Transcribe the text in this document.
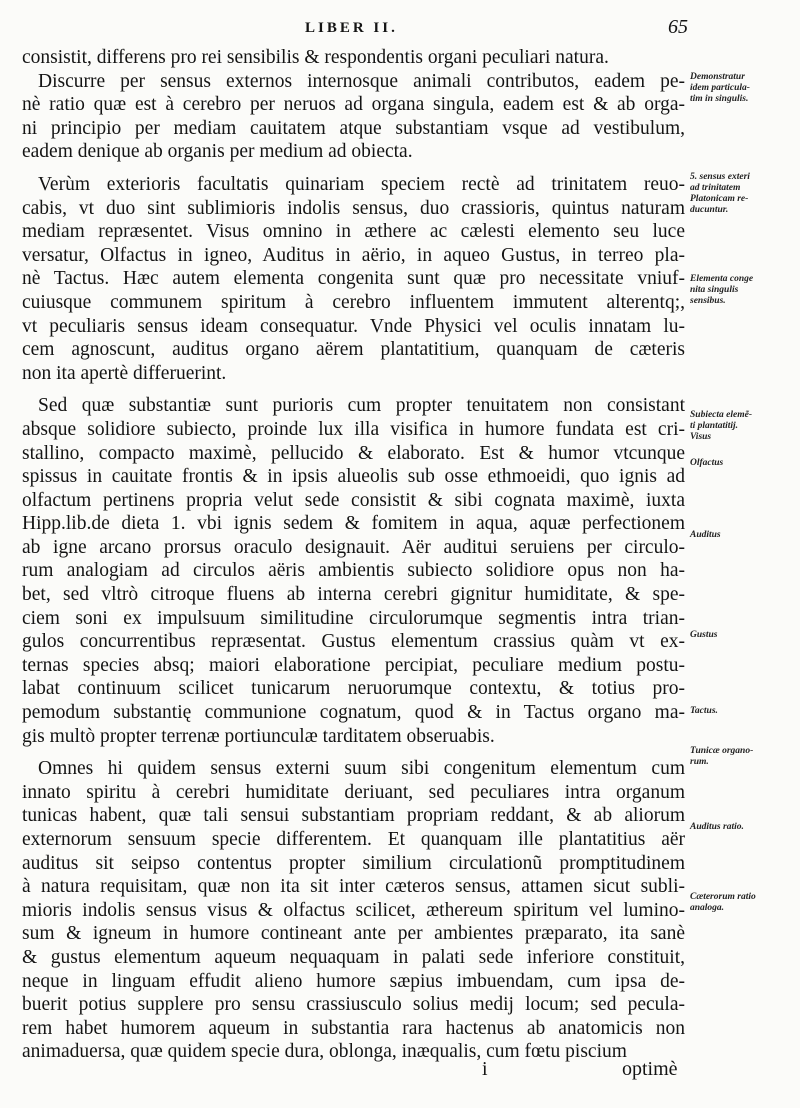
LIBER II.	65
consistit, differens pro rei sensibilis & respondentis organi peculiari natura.
Discurre per sensus externos internosque animali contributos, eadem pe-
nè ratio quæ est à cerebro per neruos ad organa singula, eadem est & ab orga-
ni principio per mediam cauitatem atque substantiam vsque ad vestibulum,
eadem denique ab organis per medium ad obiecta.
Verùm exterioris facultatis quinariam speciem rectè ad trinitatem reuo-
cabis, vt duo sint sublimioris indolis sensus, duo crassioris, quintus naturam
mediam repræsentet. Visus omnino in æthere ac cælesti elemento seu luce
versatur, Olfactus in igneo, Auditus in aërio, in aqueo Gustus, in terreo pla-
nè Tactus. Hæc autem elementa congenita sunt quæ pro necessitate vniuf-
cuiusque communem spiritum à cerebro influentem immutent alterentq;,
vt peculiaris sensus ideam consequatur. Vnde Physici vel oculis innatam lu-
cem agnoscunt, auditus organo aërem plantatitium, quanquam de cæteris
non ita apertè differuerint.
Sed quæ substantiæ sunt purioris cum propter tenuitatem non consistant
absque solidiore subiecto, proinde lux illa visifica in humore fundata est cri-
stallino, compacto maximè, pellucido & elaborato. Est & humor vtcunque
spissus in cauitate frontis & in ipsis alueolis sub osse ethmoeidi, quo ignis ad
olfactum pertinens propria velut sede consistit & sibi cognata maximè, iuxta
Hipp.lib.de dieta 1. vbi ignis sedem & fomitem in aqua, aquæ perfectionem
ab igne arcano prorsus oraculo designauit. Aër auditui seruiens per circulo-
rum analogiam ad circulos aëris ambientis subiecto solidiore opus non ha-
bet, sed vltrò citroque fluens ab interna cerebri gignitur humiditate, & spe-
ciem soni ex impulsuum similitudine circulorumque segmentis intra trian-
gulos concurrentibus repræsentat. Gustus elementum crassius quàm vt ex-
ternas species absq; maiori elaboratione percipiat, peculiare medium postu-
labat continuum scilicet tunicarum neruorumque contextu, & totius pro-
pemodum substantię communione cognatum, quod & in Tactus organo ma-
gis multò propter terrenæ portiunculæ tarditatem obseruabis.
Omnes hi quidem sensus externi suum sibi congenitum elementum cum
innato spiritu à cerebri humiditate deriuant, sed peculiares intra organum
tunicas habent, quæ tali sensui substantiam propriam reddant, & ab aliorum
externorum sensuum specie differentem. Et quanquam ille plantatitius aër
auditus sit seipso contentus propter similium circulationũ promptitudinem
à natura requisitam, quæ non ita sit inter cæteros sensus, attamen sicut subli-
mioris indolis sensus visus & olfactus scilicet, æthereum spiritum vel lumino-
sum & igneum in humore contineant ante per ambientes præparato, ita sanè
& gustus elementum aqueum nequaquam in palati sede inferiore constituit,
neque in linguam effudit alieno humore sæpius imbuendam, cum ipsa de-
buerit potius supplere pro sensu crassiusculo solius medij locum; sed pecula-
rem habet humorem aqueum in substantia rara hactenus ab anatomicis non
animaduersa, quæ quidem specie dura, oblonga, inæqualis, cum fœtu piscium
Demonstratur
idem particula-
tim in singulis.
5. sensus exteri
ad trinitatem
Platonicam re-
ducuntur.
Elementa conge
nita singulis
sensibus.
Subiecta elemẽ-
ti plantatitij.
Visus
Olfactus
Auditus
Gustus
Tactus.
Tunicæ organo-
rum.
Auditus ratio.
Cæterorum ratio
analoga.
i	optimè
